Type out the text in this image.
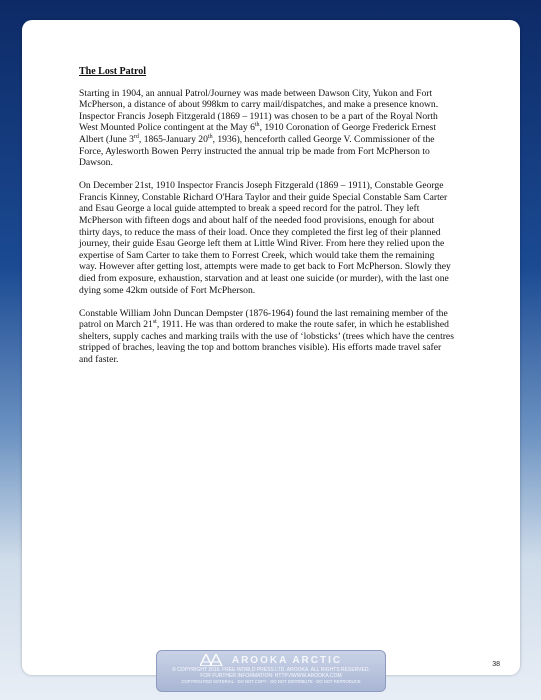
The Lost Patrol

Starting in 1904, an annual Patrol/Journey was made between Dawson City, Yukon and Fort McPherson, a distance of about 998km to carry mail/dispatches, and make a presence known. Inspector Francis Joseph Fitzgerald (1869 – 1911) was chosen to be a part of the Royal North West Mounted Police contingent at the May 6th, 1910 Coronation of George Frederick Ernest Albert (June 3rd, 1865-January 20th, 1936), henceforth called George V. Commissioner of the Force, Aylesworth Bowen Perry instructed the annual trip be made from Fort McPherson to Dawson.

On December 21st, 1910 Inspector Francis Joseph Fitzgerald (1869 – 1911), Constable George Francis Kinney, Constable Richard O'Hara Taylor and their guide Special Constable Sam Carter and Esau George a local guide attempted to break a speed record for the patrol. They left McPherson with fifteen dogs and about half of the needed food provisions, enough for about thirty days, to reduce the mass of their load. Once they completed the first leg of their planned journey, their guide Esau George left them at Little Wind River. From here they relied upon the expertise of Sam Carter to take them to Forrest Creek, which would take them the remaining way. However after getting lost, attempts were made to get back to Fort McPherson. Slowly they died from exposure, exhaustion, starvation and at least one suicide (or murder), with the last one dying some 42km outside of Fort McPherson.

Constable William John Duncan Dempster (1876-1964) found the last remaining member of the patrol on March 21st, 1911. He was than ordered to make the route safer, in which he established shelters, supply caches and marking trails with the use of ‘lobsticks’ (trees which have the centres stripped of braches, leaving the top and bottom branches visible). His efforts made travel safer and faster.

38
AROOKA ARCTIC
© COPYRIGHT 2016. FREE WORLD PRESS LTD. AROOKA. ALL RIGHTS RESERVED.
FOR FURTHER INFORMATION: HTTP://WWW.AROOKA.COM
COPYRIGHTED MATERIAL · DO NOT COPY · DO NOT DISTRIBUTE · DO NOT REPRODUCE
